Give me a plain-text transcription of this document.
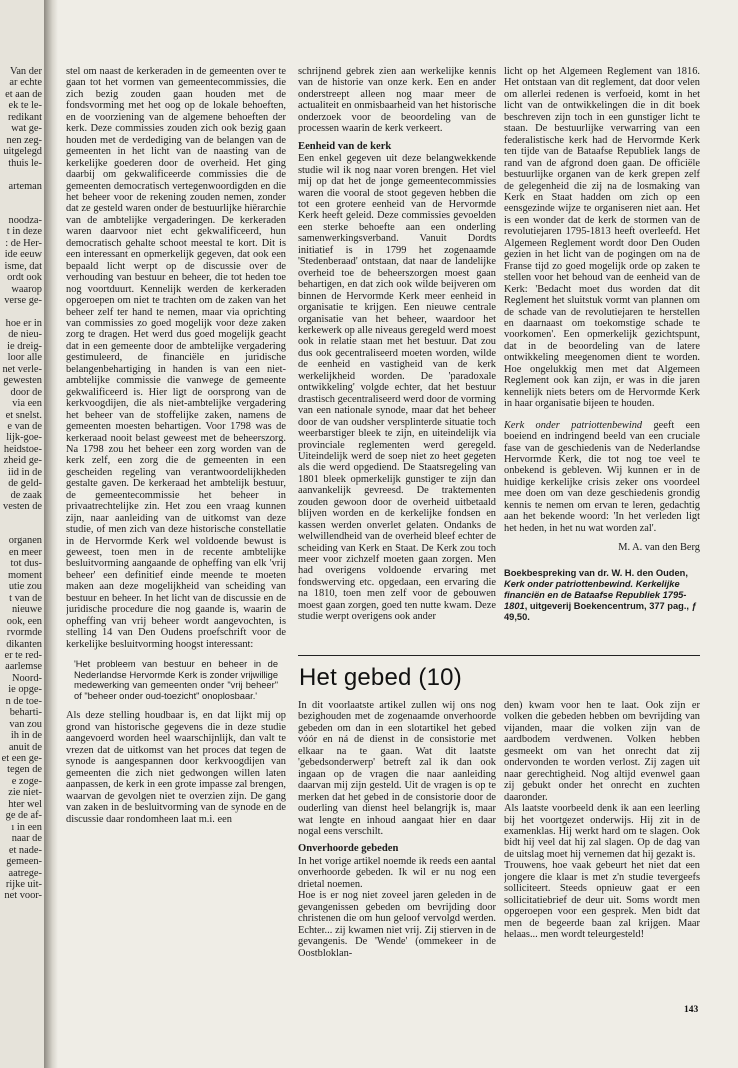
Van der
ar echte
et aan de
ek te le-
redikant
wat ge-
nen zeg-
uitgelegd
thuis le-
arteman
noodza-
t in deze
: de Her-
ide eeuw
isme, dat
ordt ook
waarop
verse ge-
hoe er in
de nieu-
ie dreig-
loor alle
net verle-
gewesten
door de
via een
et snelst.
e van de
lijk-goe-
heidstoe-
zheid ge-
iid in de
de geld-
de zaak
vesten de
organen
en meer
tot dus-
moment
utie zou
t van de
nieuwe
ook, een
rvormde
dikanten
er te red-
aarlemse
Noord-
ie opge-
n de toe-
beharti-
van zou
ih in de
anuit de
et een ge-
tegen de
e zoge-
zie niet-
hter wel
ge de af-
ı in een
naar de
et nade-
gemeen-
aatrege-
rijke uit-
net voor-

stel om naast de kerkeraden in de gemeenten over te gaan tot het vormen van gemeentecommissies, die zich bezig zouden gaan houden met de fondsvorming met het oog op de lokale behoeften, en de voorziening van de algemene behoeften der kerk. Deze commissies zouden zich ook bezig gaan houden met de verdediging van de belangen van de gemeenten in het licht van de naasting van de kerkelijke goederen door de overheid. Het ging daarbij om gekwalificeerde commissies die de gemeenten democratisch vertegenwoordigden en die het beheer voor de rekening zouden nemen, zonder dat ze gesteld waren onder de bestuurlijke hiërarchie van de ambtelijke vergaderingen. De kerkeraden waren daarvoor niet echt gekwalificeerd, hun democratisch gehalte schoot meestal te kort. Dit is een interessant en opmerkelijk gegeven, dat ook een bepaald licht werpt op de discussie over de verhouding van bestuur en beheer, die tot heden toe nog voortduurt. Kennelijk werden de kerkeraden opgeroepen om niet te trachten om de zaken van het beheer zelf ter hand te nemen, maar via oprichting van commissies zo goed mogelijk voor deze zaken zorg te dragen. Het werd dus goed mogelijk geacht dat in een gemeente door de ambtelijke vergadering gestimuleerd, de financiële en juridische belangenbehartiging in handen is van een niet-ambtelijke commissie die vanwege de gemeente gekwalificeerd is. Hier ligt de oorsprong van de kerkvoogdijen, die als niet-ambtelijke vergadering het beheer van de stoffelijke zaken, namens de gemeenten moesten behartigen. Voor 1798 was de kerkeraad nooit belast geweest met de beheerszorg. Na 1798 zou het beheer een zorg worden van de kerk zelf, een zorg die de gemeenten in een gescheiden regeling van verantwoordelijkheden gestalte gaven. De kerkeraad het ambtelijk bestuur, de gemeentecommissie het beheer in privaatrechtelijke zin. Het zou een vraag kunnen zijn, naar aanleiding van de uitkomst van deze studie, of men zich van deze historische constellatie in de Hervormde Kerk wel voldoende bewust is geweest, toen men in de recente ambtelijke besluitvorming aangaande de opheffing van elk 'vrij beheer' een definitief einde meende te moeten maken aan deze mogelijkheid van scheiding van bestuur en beheer. In het licht van de discussie en de juridische procedure die nog gaande is, waarin de opheffing van vrij beheer wordt aangevochten, is stelling 14 van Den Oudens proefschrift voor de kerkelijke besluitvorming hoogst interessant:

'Het probleem van bestuur en beheer in de Nederlandse Hervormde Kerk is zonder vrijwillige medewerking van gemeenten onder "vrij beheer" of "beheer onder oud-toezicht" onoplosbaar.'

Als deze stelling houdbaar is, en dat lijkt mij op grond van historische gegevens die in deze studie aangevoerd worden heel waarschijnlijk, dan valt te vrezen dat de uitkomst van het proces dat tegen de synode is aangespannen door kerkvoogdijen van gemeenten die zich niet gedwongen willen laten aanpassen, de kerk in een grote impasse zal brengen, waarvan de gevolgen niet te overzien zijn. De gang van zaken in de besluitvorming van de synode en de discussie daar rondomheen laat m.i. een

schrijnend gebrek zien aan werkelijke kennis van de historie van onze kerk. Een en ander onderstreept alleen nog maar meer de actualiteit en onmisbaarheid van het historische onderzoek voor de beoordeling van de processen waarin de kerk verkeert.

Eenheid van de kerk

Een enkel gegeven uit deze belangwekkende studie wil ik nog naar voren brengen. Het viel mij op dat het de jonge gemeentecommissies waren die vooral de stoot gegeven hebben die tot een grotere eenheid van de Hervormde Kerk heeft geleid. Deze commissies gevoelden een sterke behoefte aan een onderling samenwerkingsverband. Vanuit Dordts initiatief is in 1799 het zogenaamde 'Stedenberaad' ontstaan, dat naar de landelijke overheid toe de beheerszorgen moest gaan behartigen, en dat zich ook wilde beijveren om binnen de Hervormde Kerk meer eenheid in organisatie te krijgen. Een nieuwe centrale organisatie van het beheer, waardoor het kerkewerk op alle niveaus geregeld werd moest ook in relatie staan met het bestuur. Dat zou dus ook gecentraliseerd moeten worden, wilde de eenheid en vastigheid van de kerk werkelijkheid worden. De 'paradoxale ontwikkeling' volgde echter, dat het bestuur drastisch gecentraliseerd werd door de vorming van een nationale synode, maar dat het beheer door de van oudsher versplinterde situatie toch weerbarstiger bleek te zijn, en uiteindelijk via provinciale reglementen werd geregeld. Uiteindelijk werd de soep niet zo heet gegeten als die werd opgediend. De Staatsregeling van 1801 bleek opmerkelijk gunstiger te zijn dan aanvankelijk gevreesd. De traktementen zouden gewoon door de overheid uitbetaald blijven worden en de kerkelijke fondsen en kassen werden onverlet gelaten. Ondanks de welwillendheid van de overheid bleef echter de scheiding van Kerk en Staat. De Kerk zou toch meer voor zichzelf moeten gaan zorgen. Men had overigens voldoende ervaring met fondswerving etc. opgedaan, een ervaring die na 1810, toen men zelf voor de gebouwen moest gaan zorgen, goed ten nutte kwam. Deze studie werpt overigens ook ander

licht op het Algemeen Reglement van 1816. Het ontstaan van dit reglement, dat door velen om allerlei redenen is verfoeid, komt in het licht van de ontwikkelingen die in dit boek beschreven zijn toch in een gunstiger licht te staan. De bestuurlijke verwarring van een federalistische kerk had de Hervormde Kerk ten tijde van de Bataafse Republiek langs de rand van de afgrond doen gaan. De officiële bestuurlijke organen van de kerk grepen zelf de gelegenheid die zij na de losmaking van Kerk en Staat hadden om zich op een eensgezinde wijze te organiseren niet aan. Het is een wonder dat de kerk de stormen van de revolutiejaren 1795-1813 heeft overleefd. Het Algemeen Reglement wordt door Den Ouden gezien in het licht van de pogingen om na de Franse tijd zo goed mogelijk orde op zaken te stellen voor het behoud van de eenheid van de Kerk: 'Bedacht moet dus worden dat dit Reglement het sluitstuk vormt van plannen om de schade van de revolutiejaren te herstellen en daarnaast om toekomstige schade te voorkomen'. Een opmerkelijk gezichtspunt, dat in de beoordeling van de latere ontwikkeling meegenomen dient te worden. Hoe ongelukkig men met dat Algemeen Reglement ook kan zijn, er was in die jaren kennelijk niets beters om de Hervormde Kerk in haar organisatie bijeen te houden.

Kerk onder patriottenbewind geeft een boeiend en indringend beeld van een cruciale fase van de geschiedenis van de Nederlandse Hervormde Kerk, die tot nog toe veel te onbekend is gebleven. Wij kunnen er in de huidige kerkelijke crisis zeker ons voordeel mee doen om van deze geschiedenis grondig kennis te nemen om ervan te leren, gedachtig aan het bekende woord: 'In het verleden ligt het heden, in het nu wat worden zal'.

M. A. van den Berg

Boekbespreking van dr. W. H. den Ouden, Kerk onder patriottenbewind. Kerkelijke financiën en de Bataafse Republiek 1795-1801, uitgeverij Boekencentrum, 377 pag., ƒ 49,50.

Het gebed (10)

In dit voorlaatste artikel zullen wij ons nog bezighouden met de zogenaamde onverhoorde gebeden om dan in een slotartikel het gebed vóór en ná de dienst in de consistorie met elkaar na te gaan. Wat dit laatste 'gebedsonderwerp' betreft zal ik dan ook ingaan op de vragen die naar aanleiding daarvan mij zijn gesteld. Uit de vragen is op te merken dat het gebed in de consistorie door de ouderling van dienst heel belangrijk is, maar wat lengte en inhoud aangaat hier en daar nogal eens verschilt.

Onverhoorde gebeden

In het vorige artikel noemde ik reeds een aantal onverhoorde gebeden. Ik wil er nu nog een drietal noemen.

Hoe is er nog niet zoveel jaren geleden in de gevangenissen gebeden om bevrijding door christenen die om hun geloof vervolgd werden. Echter... zij kwamen niet vrij. Zij stierven in de gevangenis. De 'Wende' (ommekeer in de Oostbloklan-

den) kwam voor hen te laat. Ook zijn er volken die gebeden hebben om bevrijding van vijanden, maar die volken zijn van de aardbodem verdwenen. Volken hebben gesmeekt om van het onrecht dat zij ondervonden te worden verlost. Zij zagen uit naar gerechtigheid. Nog altijd evenwel gaan zij gebukt onder het onrecht en zuchten daaronder.

Als laatste voorbeeld denk ik aan een leerling bij het voortgezet onderwijs. Hij zit in de examenklas. Hij werkt hard om te slagen. Ook bidt hij veel dat hij zal slagen. Op de dag van de uitslag moet hij vernemen dat hij gezakt is.

Trouwens, hoe vaak gebeurt het niet dat een jongere die klaar is met z'n studie tevergeefs solliciteert. Steeds opnieuw gaat er een sollicitatiebrief de deur uit. Soms wordt men opgeroepen voor een gesprek. Men bidt dat men de begeerde baan zal krijgen. Maar helaas... men wordt teleurgesteld!

143
